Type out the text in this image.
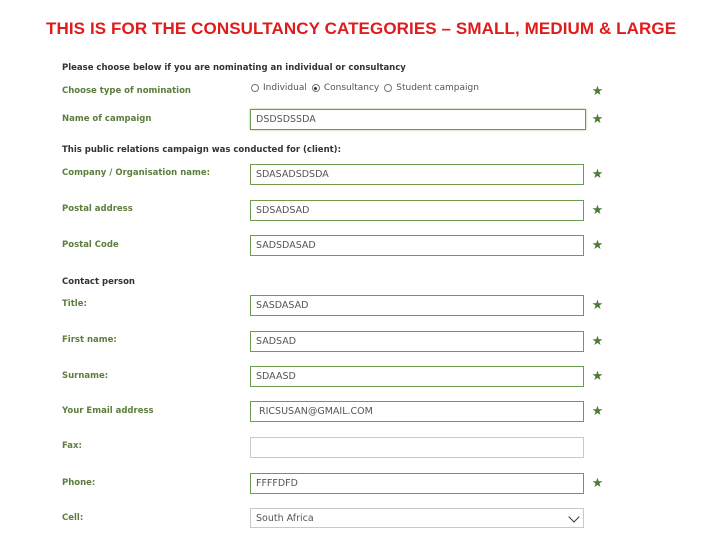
THIS IS FOR THE CONSULTANCY CATEGORIES – SMALL, MEDIUM & LARGE
Please choose below if you are nominating an individual or consultancy
Choose type of nomination	Individual Consultancy Student campaign	★
Name of campaign	DSDSDSSDA	★
This public relations campaign was conducted for (client):
Company / Organisation name:	SDASADSDSDA	★
Postal address	SDSADSAD	★
Postal Code	SADSDASAD	★
Contact person
Title:	SASDASAD	★
First name:	SADSAD	★
Surname:	SDAASD	★
Your Email address	RICSUSAN@GMAIL.COM	★
Fax:
Phone:	FFFFDFD	★
Cell:	South Africa
